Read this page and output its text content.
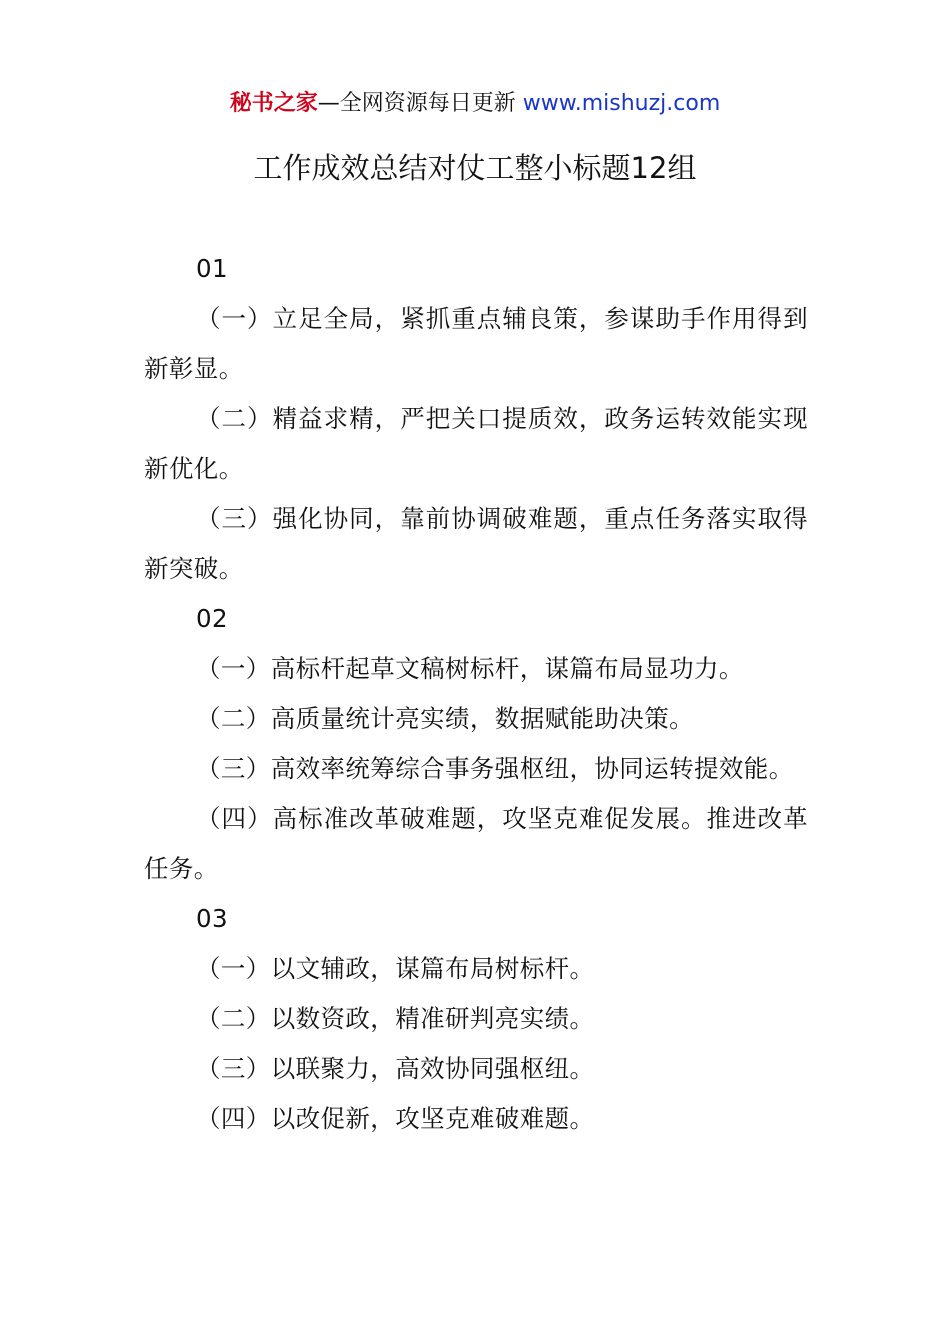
秘书之家—全网资源每日更新 www.mishuzj.com
工作成效总结对仗工整小标题12组

01

（一）立足全局，紧抓重点辅良策，参谋助手作用得到新彰显。

（二）精益求精，严把关口提质效，政务运转效能实现新优化。

（三）强化协同，靠前协调破难题，重点任务落实取得新突破。

02

（一）高标杆起草文稿树标杆，谋篇布局显功力。

（二）高质量统计亮实绩，数据赋能助决策。

（三）高效率统筹综合事务强枢纽，协同运转提效能。

（四）高标准改革破难题，攻坚克难促发展。推进改革任务。

03

（一）以文辅政，谋篇布局树标杆。

（二）以数资政，精准研判亮实绩。

（三）以联聚力，高效协同强枢纽。

（四）以改促新，攻坚克难破难题。
